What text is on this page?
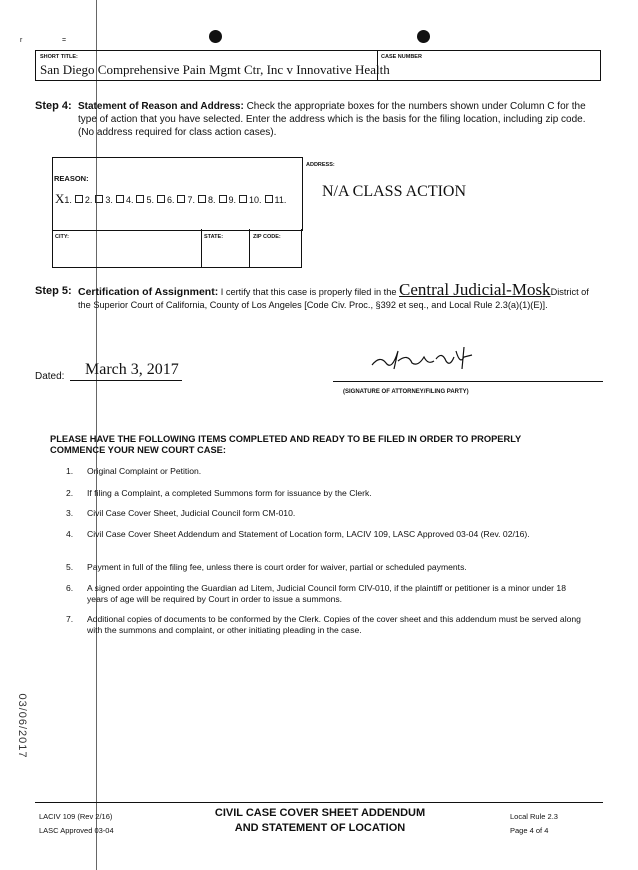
r	=
SHORT TITLE:
San Diego Comprehensive Pain Mgmt Ctr, Inc v Innovative Health
CASE NUMBER
Step 4: Statement of Reason and Address: Check the appropriate boxes for the numbers shown under Column C for the type of action that you have selected. Enter the address which is the basis for the filing location, including zip code. (No address required for class action cases).
REASON:
X1. 2. 3. 4. 5. 6. 7. 8. 9. 10. 11.
ADDRESS:
N/A CLASS ACTION
CITY:	STATE:	ZIP CODE:
Step 5: Certification of Assignment: I certify that this case is properly filed in the Central Judicial-MoskDistrict of
the Superior Court of California, County of Los Angeles [Code Civ. Proc., §392 et seq., and Local Rule 2.3(a)(1)(E)].
Dated: March 3, 2017
(SIGNATURE OF ATTORNEY/FILING PARTY)
PLEASE HAVE THE FOLLOWING ITEMS COMPLETED AND READY TO BE FILED IN ORDER TO PROPERLY
COMMENCE YOUR NEW COURT CASE:
1. Original Complaint or Petition.
2. If filing a Complaint, a completed Summons form for issuance by the Clerk.
3. Civil Case Cover Sheet, Judicial Council form CM-010.
4. Civil Case Cover Sheet Addendum and Statement of Location form, LACIV 109, LASC Approved 03-04 (Rev. 02/16).
5. Payment in full of the filing fee, unless there is court order for waiver, partial or scheduled payments.
6. A signed order appointing the Guardian ad Litem, Judicial Council form CIV-010, if the plaintiff or petitioner is a minor under 18 years of age will be required by Court in order to issue a summons.
7. Additional copies of documents to be conformed by the Clerk. Copies of the cover sheet and this addendum must be served along with the summons and complaint, or other initiating pleading in the case.
03/06/2017
LACIV 109 (Rev 2/16)
LASC Approved 03-04
CIVIL CASE COVER SHEET ADDENDUM
AND STATEMENT OF LOCATION
Local Rule 2.3
Page 4 of 4
